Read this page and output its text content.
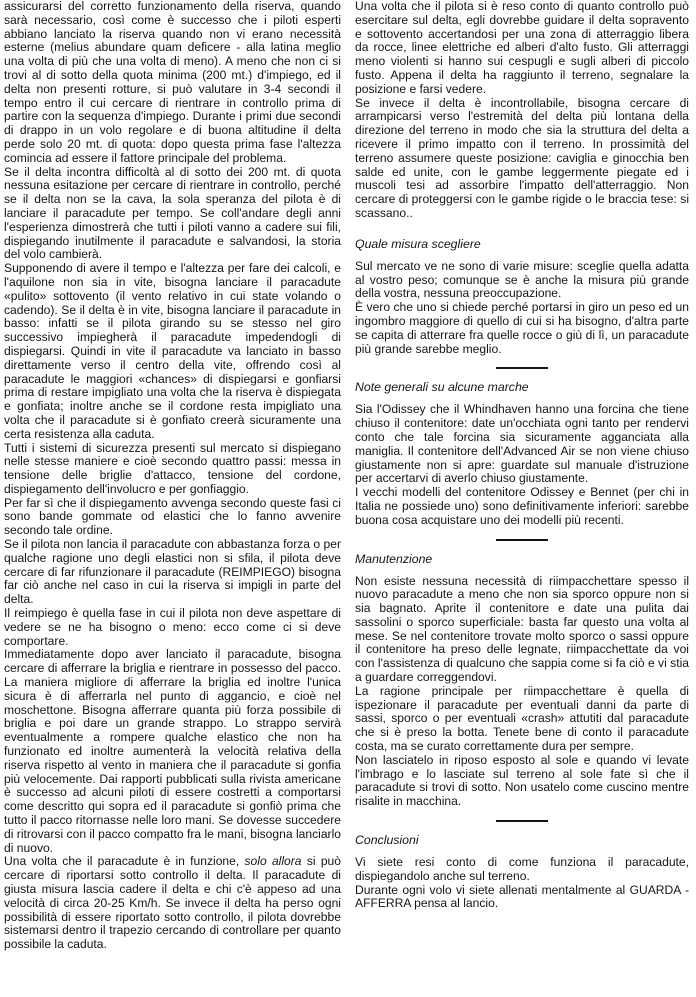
assicurarsi del corretto funzionamento della riserva, quando sarà necessario, così come è successo che i piloti esperti abbiano lanciato la riserva quando non vi erano necessità esterne (melius abundare quam deficere - alla latina meglio una volta di più che una volta di meno). A meno che non ci si trovi al di sotto della quota minima (200 mt.) d'impiego, ed il delta non presenti rotture, si può valutare in 3-4 secondi il tempo entro il cui cercare di rientrare in controllo prima di partire con la sequenza d'impiego. Durante i primi due secondi di drappo in un volo regolare e di buona altitudine il delta perde solo 20 mt. di quota: dopo questa prima fase l'altezza comincia ad essere il fattore principale del problema.

Se il delta incontra difficoltà al di sotto dei 200 mt. di quota nessuna esitazione per cercare di rientrare in controllo, perché se il delta non se la cava, la sola speranza del pilota è di lanciare il paracadute per tempo. Se coll'andare degli anni l'esperienza dimostrerà che tutti i piloti vanno a cadere sui fili, dispiegando inutilmente il paracadute e salvandosi, la storia del volo cambierà.

Supponendo di avere il tempo e l'altezza per fare dei calcoli, e l'aquilone non sia in vite, bisogna lanciare il paracadute «pulito» sottovento (il vento relativo in cui state volando o cadendo). Se il delta è in vite, bisogna lanciare il paracadute in basso: infatti se il pilota girando su se stesso nel giro successivo impiegherà il paracadute impedendogli di dispiegarsi. Quindi in vite il paracadute va lanciato in basso direttamente verso il centro della vite, offrendo così al paracadute le maggiori «chances» di dispiegarsi e gonfiarsi prima di restare impigliato una volta che la riserva è dispiegata e gonfiata; inoltre anche se il cordone resta impigliato una volta che il paracadute si è gonfiato creerà sicuramente una certa resistenza alla caduta.

Tutti i sistemi di sicurezza presenti sul mercato si dispiegano nelle stesse maniere e cioè secondo quattro passi: messa in tensione delle briglie d'attacco, tensione del cordone, dispiegamento dell'involucro e per gonfiaggio.

Per far sì che il dispiegamento avvenga secondo queste fasi ci sono bande gommate od elastici che lo fanno avvenire secondo tale ordine.

Se il pilota non lancia il paracadute con abbastanza forza o per qualche ragione uno degli elastici non si sfila, il pilota deve cercare di far rifunzionare il paracadute (REIMPIEGO) bisogna far ciò anche nel caso in cui la riserva si impigli in parte del delta.

Il reimpiego è quella fase in cui il pilota non deve aspettare di vedere se ne ha bisogno o meno: ecco come ci si deve comportare.

Immediatamente dopo aver lanciato il paracadute, bisogna cercare di afferrare la briglia e rientrare in possesso del pacco. La maniera migliore di afferrare la briglia ed inoltre l'unica sicura è di afferrarla nel punto di aggancio, e cioè nel moschettone. Bisogna afferrare quanta più forza possibile di briglia e poi dare un grande strappo. Lo strappo servirà eventualmente a rompere qualche elastico che non ha funzionato ed inoltre aumenterà la velocità relativa della riserva rispetto al vento in maniera che il paracadute si gonfia più velocemente. Dai rapporti pubblicati sulla rivista americane è successo ad alcuni piloti di essere costretti a comportarsi come descritto qui sopra ed il paracadute si gonfiò prima che tutto il pacco ritornasse nelle loro mani. Se dovesse succedere di ritrovarsi con il pacco compatto fra le mani, bisogna lanciarlo di nuovo.

Una volta che il paracadute è in funzione, solo allora si può cercare di riportarsi sotto controllo il delta. Il paracadute di giusta misura lascia cadere il delta e chi c'è appeso ad una velocità di circa 20-25 Km/h. Se invece il delta ha perso ogni possibilità di essere riportato sotto controllo, il pilota dovrebbe sistemarsi dentro il trapezio cercando di controllare per quanto possibile la caduta.

Una volta che il pilota si è reso conto di quanto controllo può esercitare sul delta, egli dovrebbe guidare il delta sopravento e sottovento accertandosi per una zona di atterraggio libera da rocce, linee elettriche ed alberi d'alto fusto. Gli atterraggi meno violenti si hanno sui cespugli e sugli alberi di piccolo fusto. Appena il delta ha raggiunto il terreno, segnalare la posizione e farsi vedere.

Se invece il delta è incontrollabile, bisogna cercare di arrampicarsi verso l'estremità del delta più lontana della direzione del terreno in modo che sia la struttura del delta a ricevere il primo impatto con il terreno. In prossimità del terreno assumere queste posizione: caviglia e ginocchia ben salde ed unite, con le gambe leggermente piegate ed i muscoli tesi ad assorbire l'impatto dell'atterraggio. Non cercare di proteggersi con le gambe rigide o le braccia tese: si scassano..

Quale misura scegliere

Sul mercato ve ne sono di varie misure: sceglie quella adatta al vostro peso; comunque se è anche la misura più grande della vostra, nessuna preoccupazione.

È vero che uno si chiede perché portarsi in giro un peso ed un ingombro maggiore di quello di cui si ha bisogno, d'altra parte se capita di atterrare fra quelle rocce o giù di lì, un paracadute più grande sarebbe meglio.

Note generali su alcune marche

Sia l'Odissey che il Whindhaven hanno una forcina che tiene chiuso il contenitore: date un'occhiata ogni tanto per rendervi conto che tale forcina sia sicuramente agganciata alla maniglia. Il contenitore dell'Advanced Air se non viene chiuso giustamente non si apre: guardate sul manuale d'istruzione per accertarvi di averlo chiuso giustamente.

I vecchi modelli del contenitore Odissey e Bennet (per chi in Italia ne possiede uno) sono definitivamente inferiori: sarebbe buona cosa acquistare uno dei modelli più recenti.

Manutenzione

Non esiste nessuna necessità di riimpacchettare spesso il nuovo paracadute a meno che non sia sporco oppure non si sia bagnato. Aprite il contenitore e date una pulita dai sassolini o sporco superficiale: basta far questo una volta al mese. Se nel contenitore trovate molto sporco o sassi oppure il contenitore ha preso delle legnate, riimpacchettate da voi con l'assistenza di qualcuno che sappia come si fa ciò e vi stia a guardare correggendovi.

La ragione principale per riimpacchettare è quella di ispezionare il paracadute per eventuali danni da parte di sassi, sporco o per eventuali «crash» attutiti dal paracadute che si è preso la botta. Tenete bene di conto il paracadute costa, ma se curato correttamente dura per sempre.

Non lasciatelo in riposo esposto al sole e quando vi levate l'imbrago e lo lasciate sul terreno al sole fate sì che il paracadute si trovi di sotto. Non usatelo come cuscino mentre risalite in macchina.

Conclusioni

Vi siete resi conto di come funziona il paracadute, dispiegandolo anche sul terreno.

Durante ogni volo vi siete allenati mentalmente al GUARDA - AFFERRA pensa al lancio.
